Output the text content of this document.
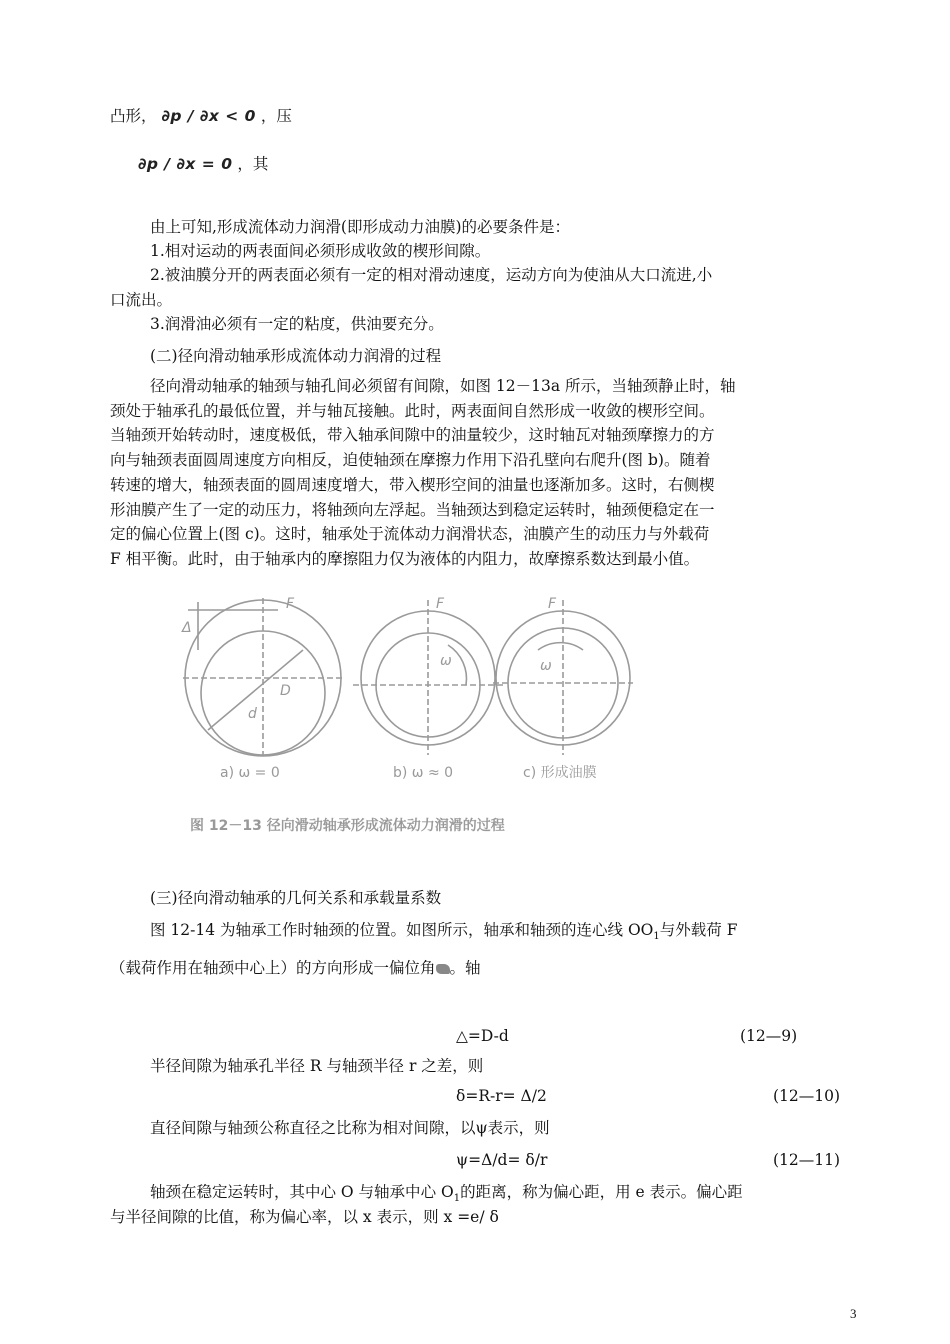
凸形， ∂p / ∂x < 0 ，压
∂p / ∂x = 0 ，其
由上可知,形成流体动力润滑(即形成动力油膜)的必要条件是：
1.相对运动的两表面间必须形成收敛的楔形间隙。
2.被油膜分开的两表面必须有一定的相对滑动速度，运动方向为使油从大口流进,小
口流出。
3.润滑油必须有一定的粘度，供油要充分。
(二)径向滑动轴承形成流体动力润滑的过程
径向滑动轴承的轴颈与轴孔间必须留有间隙，如图 12－13a 所示，当轴颈静止时，轴
颈处于轴承孔的最低位置，并与轴瓦接触。此时，两表面间自然形成一收敛的楔形空间。
当轴颈开始转动时，速度极低，带入轴承间隙中的油量较少，这时轴瓦对轴颈摩擦力的方
向与轴颈表面圆周速度方向相反，迫使轴颈在摩擦力作用下沿孔壁向右爬升(图 b)。随着
转速的增大，轴颈表面的圆周速度增大，带入楔形空间的油量也逐渐加多。这时，右侧楔
形油膜产生了一定的动压力，将轴颈向左浮起。当轴颈达到稳定运转时，轴颈便稳定在一
定的偏心位置上(图 c)。这时，轴承处于流体动力润滑状态，油膜产生的动压力与外载荷
F 相平衡。此时，由于轴承内的摩擦阻力仅为液体的内阻力，故摩擦系数达到最小值。
F	F	F
Δ
D
d
ω	ω
a) ω = 0	b) ω ≈ 0	c) 形成油膜
图 12－13 径向滑动轴承形成流体动力润滑的过程
(三)径向滑动轴承的几何关系和承载量系数
图 12-14 为轴承工作时轴颈的位置。如图所示，轴承和轴颈的连心线 $OO_1$与外载荷 F
（载荷作用在轴颈中心上）的方向形成一偏位角 。轴
△=D-d	(12—9)
半径间隙为轴承孔半径 R 与轴颈半径 r 之差，则
δ=R-r= Δ/2	(12—10)
直径间隙与轴颈公称直径之比称为相对间隙，以ψ表示，则
ψ=Δ/d= δ/r	(12—11)
轴颈在稳定运转时，其中心 O 与轴承中心 $O_1$的距离，称为偏心距，用 e 表示。偏心距
与半径间隙的比值，称为偏心率，以 x 表示，则 x =e/ δ
3
